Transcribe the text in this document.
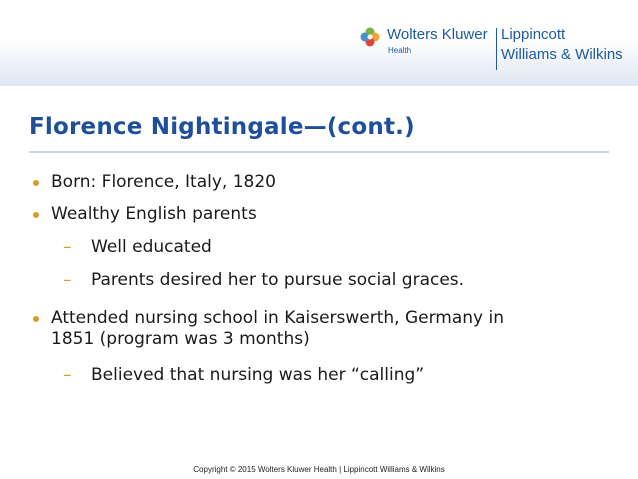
Wolters Kluwer
Health
Lippincott
Williams & Wilkins
Florence Nightingale—(cont.)
Born: Florence, Italy, 1820
Wealthy English parents
– Well educated
– Parents desired her to pursue social graces.
Attended nursing school in Kaiserswerth, Germany in
1851 (program was 3 months)
– Believed that nursing was her “calling”
Copyright © 2015 Wolters Kluwer Health | Lippincott Williams & Wilkins
